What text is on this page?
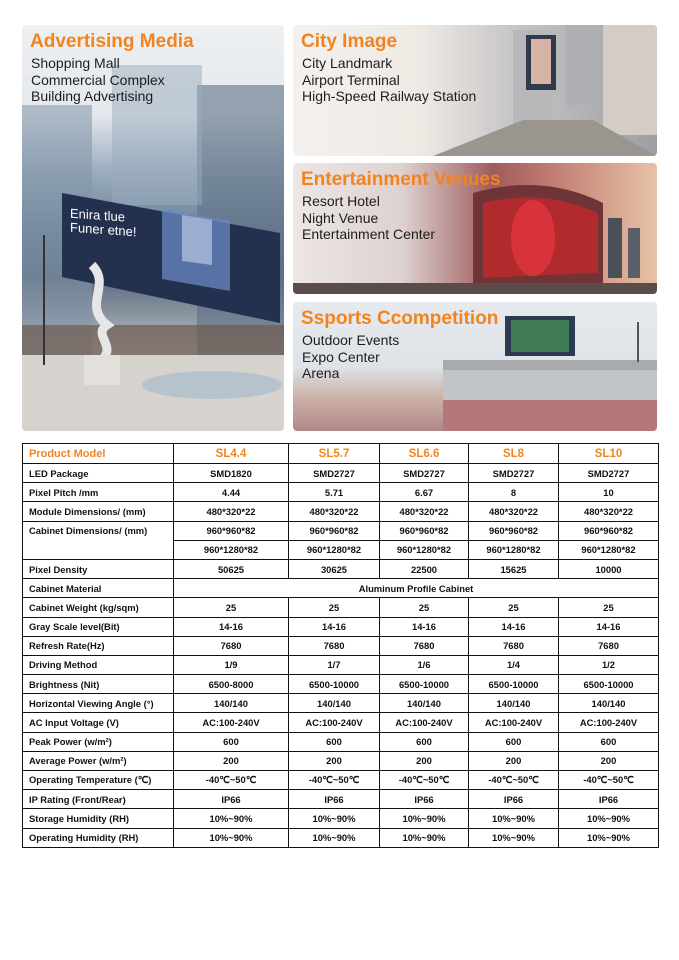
Enira tlue
Funer etne!
Advertising Media
Shopping Mall
Commercial Complex
Building Advertising
City Image
City Landmark
Airport Terminal
High-Speed Railway Station
Entertainment Venues
Resort Hotel
Night Venue
Entertainment Center
Ssports Ccompetition
Outdoor Events
Expo Center
Arena
Product Model	SL4.4	SL5.7	SL6.6	SL8	SL10
LED Package	SMD1820	SMD2727	SMD2727	SMD2727	SMD2727
Pixel Pitch /mm	4.44	5.71	6.67	8	10
Module Dimensions/ (mm)	480*320*22	480*320*22	480*320*22	480*320*22	480*320*22
Cabinet Dimensions/ (mm)	960*960*82	960*960*82	960*960*82	960*960*82	960*960*82
	960*1280*82	960*1280*82	960*1280*82	960*1280*82	960*1280*82
Pixel Density	50625	30625	22500	15625	10000
Cabinet Material	Aluminum Profile Cabinet				
Cabinet Weight (kg/sqm)	25	25	25	25	25
Gray Scale level(Bit)	14-16	14-16	14-16	14-16	14-16
Refresh Rate(Hz)	7680	7680	7680	7680	7680
Driving Method	1/9	1/7	1/6	1/4	1/2
Brightness (Nit)	6500-8000	6500-10000	6500-10000	6500-10000	6500-10000
Horizontal Viewing Angle (°)	140/140	140/140	140/140	140/140	140/140
AC Input Voltage (V)	AC:100-240V	AC:100-240V	AC:100-240V	AC:100-240V	AC:100-240V
Peak Power (w/m²)	600	600	600	600	600
Average Power (w/m²)	200	200	200	200	200
Operating Temperature (℃)	-40℃~50℃	-40℃~50℃	-40℃~50℃	-40℃~50℃	-40℃~50℃
IP Rating (Front/Rear)	IP66	IP66	IP66	IP66	IP66
Storage Humidity (RH)	10%~90%	10%~90%	10%~90%	10%~90%	10%~90%
Operating Humidity (RH)	10%~90%	10%~90%	10%~90%	10%~90%	10%~90%
